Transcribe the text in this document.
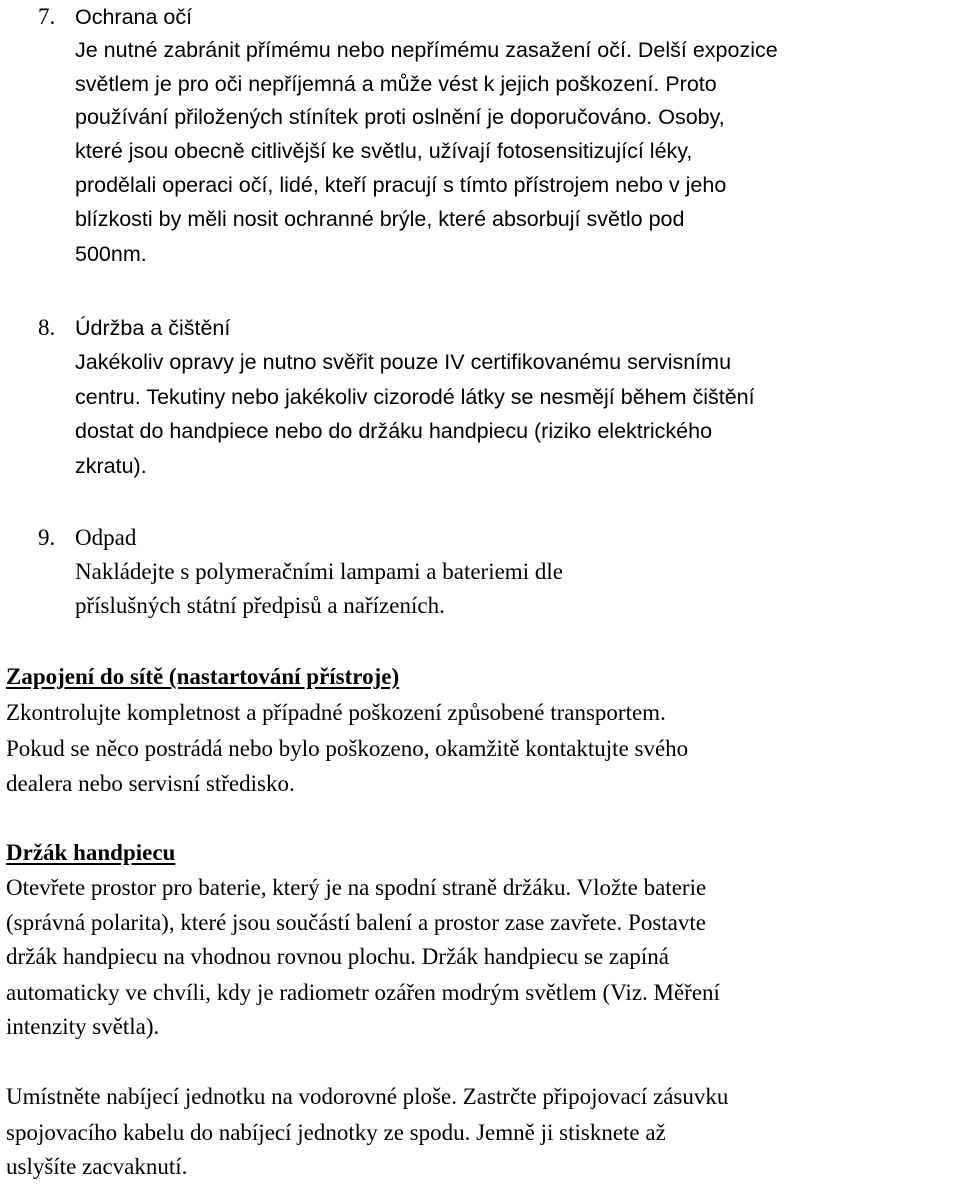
7. Ochrana očí
Je nutné zabránit přímému nebo nepřímému zasažení očí. Delší expozice
světlem je pro oči nepříjemná a může vést k jejich poškození. Proto
používání přiložených stínítek proti oslnění je doporučováno. Osoby,
které jsou obecně citlivější ke světlu, užívají fotosensitizující léky,
prodělali operaci očí, lidé, kteří pracují s tímto přístrojem nebo v jeho
blízkosti by měli nosit ochranné brýle, které absorbují světlo pod
500nm.
8. Údržba a čištění
Jakékoliv opravy je nutno svěřit pouze IV certifikovanému servisnímu
centru. Tekutiny nebo jakékoliv cizorodé látky se nesmějí během čištění
dostat do handpiece nebo do držáku handpiecu (riziko elektrického
zkratu).
9. Odpad
Nakládejte s polymeračními lampami a bateriemi dle
příslušných státní předpisů a nařízeních.
Zapojení do sítě (nastartování přístroje)
Zkontrolujte kompletnost a případné poškození způsobené transportem.
Pokud se něco postrádá nebo bylo poškozeno, okamžitě kontaktujte svého
dealera nebo servisní středisko.
Držák handpiecu
Otevřete prostor pro baterie, který je na spodní straně držáku. Vložte baterie
(správná polarita), které jsou součástí balení a prostor zase zavřete. Postavte
držák handpiecu na vhodnou rovnou plochu. Držák handpiecu se zapíná
automaticky ve chvíli, kdy je radiometr ozářen modrým světlem (Viz. Měření
intenzity světla).
Umístněte nabíjecí jednotku na vodorovné ploše. Zastrčte připojovací zásuvku
spojovacího kabelu do nabíjecí jednotky ze spodu. Jemně ji stisknete až
uslyšíte zacvaknutí.
